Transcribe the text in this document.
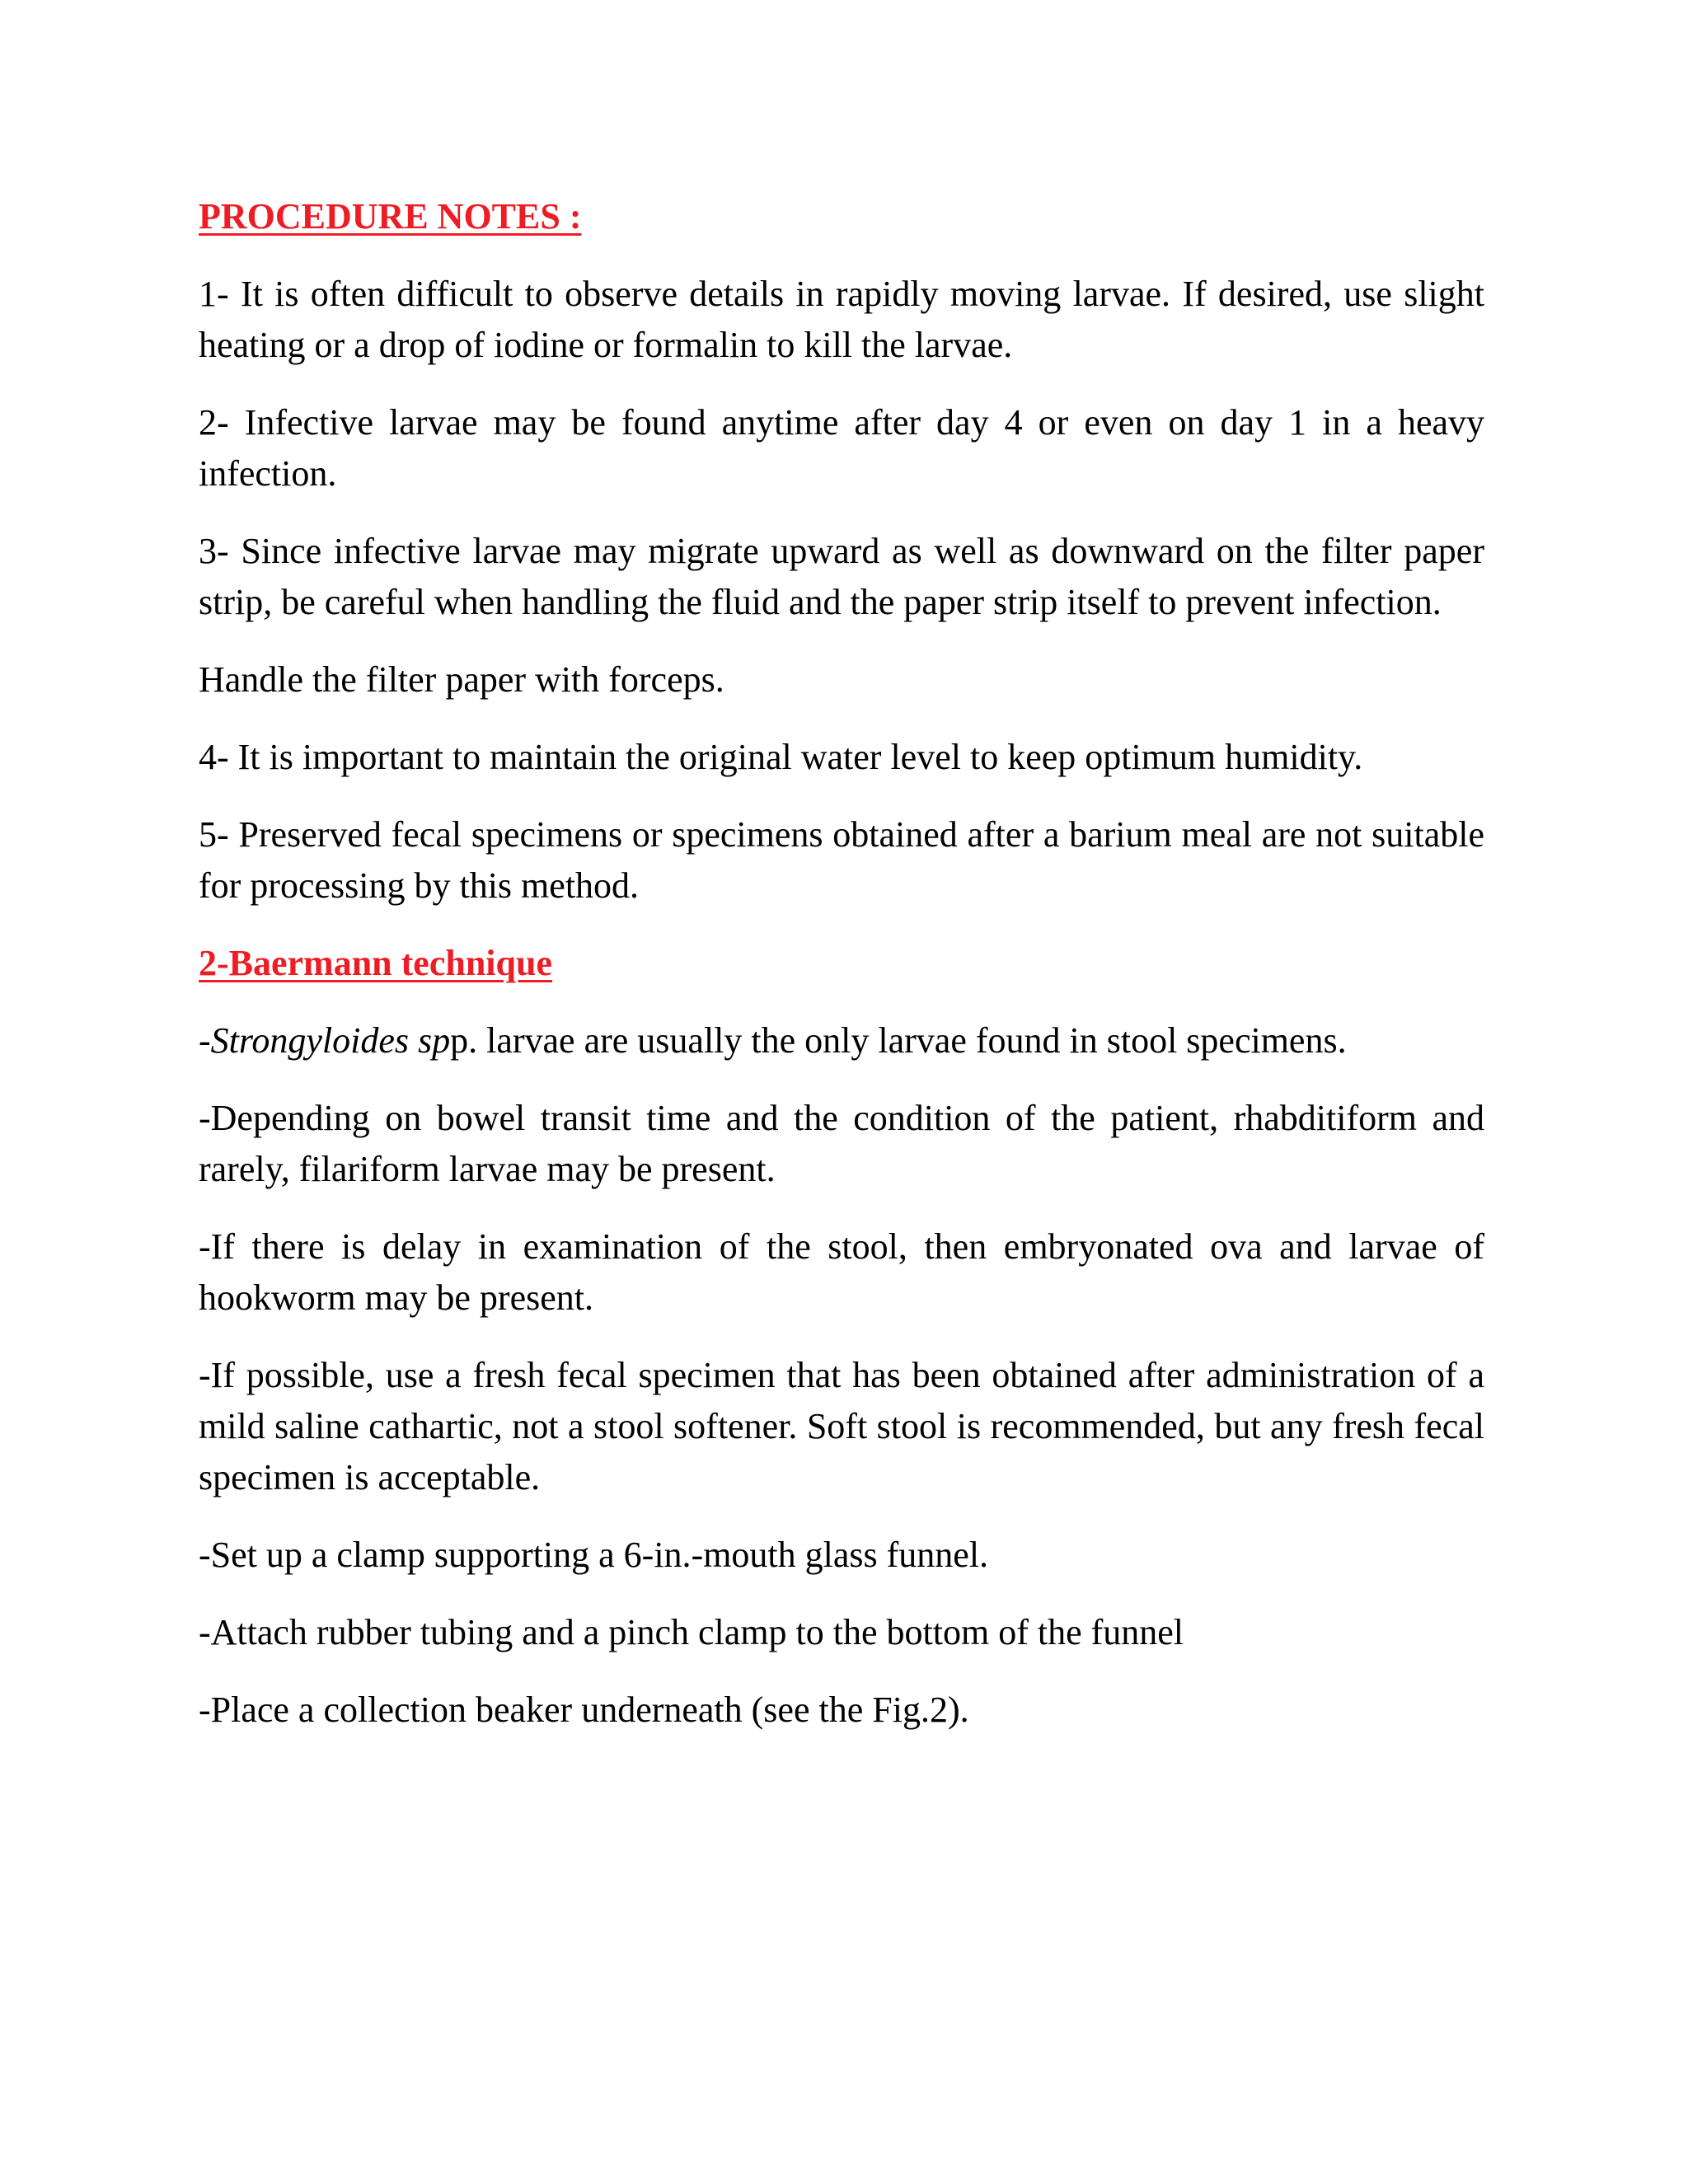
PROCEDURE NOTES :

1- It is often difficult to observe details in rapidly moving larvae. If desired, use slight heating or a drop of iodine or formalin to kill the larvae.

2- Infective larvae may be found anytime after day 4 or even on day 1 in a heavy infection.

3- Since infective larvae may migrate upward as well as downward on the filter paper strip, be careful when handling the fluid and the paper strip itself to prevent infection.

Handle the filter paper with forceps.

4- It is important to maintain the original water level to keep optimum humidity.

5- Preserved fecal specimens or specimens obtained after a barium meal are not suitable for processing by this method.

2-Baermann technique

-Strongyloides spp. larvae are usually the only larvae found in stool specimens.

-Depending on bowel transit time and the condition of the patient, rhabditiform and rarely, filariform larvae may be present.

-If there is delay in examination of the stool, then embryonated ova and larvae of hookworm may be present.

-If possible, use a fresh fecal specimen that has been obtained after administration of a mild saline cathartic, not a stool softener. Soft stool is recommended, but any fresh fecal specimen is acceptable.

-Set up a clamp supporting a 6-in.-mouth glass funnel.

-Attach rubber tubing and a pinch clamp to the bottom of the funnel

-Place a collection beaker underneath (see the Fig.2).
